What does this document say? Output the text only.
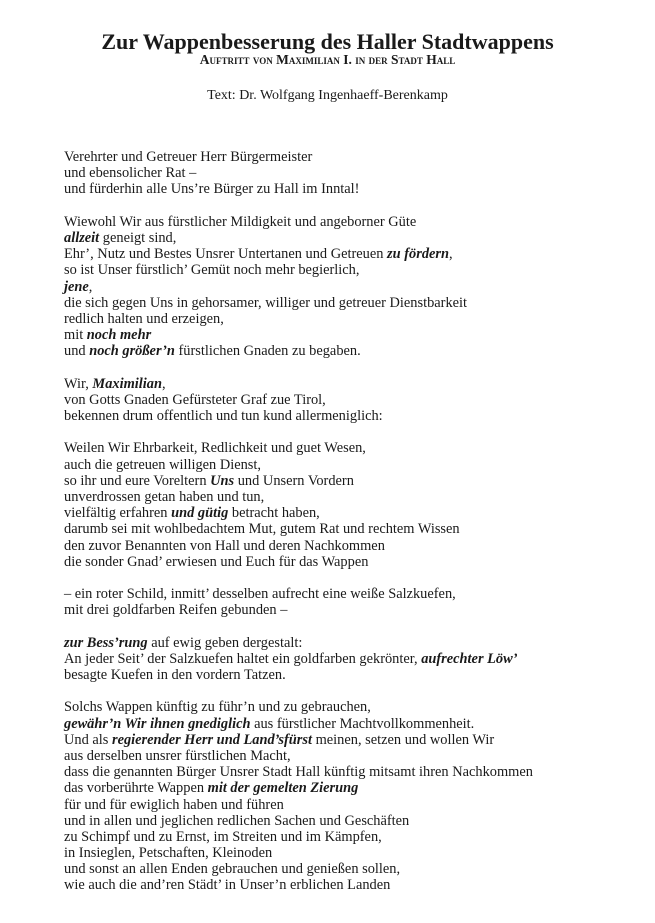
Zur Wappenbesserung des Haller Stadtwappens
Auftritt von Maximilian I. in der Stadt Hall
Text: Dr. Wolfgang Ingenhaeff-Berenkamp
Verehrter und Getreuer Herr Bürgermeister
und ebensolicher Rat –
und fürderhin alle Uns’re Bürger zu Hall im Inntal!
Wiewohl Wir aus fürstlicher Mildigkeit und angeborner Güte
allzeit geneigt sind,
Ehr’, Nutz und Bestes Unsrer Untertanen und Getreuen zu fördern,
so ist Unser fürstlich’ Gemüt noch mehr begierlich,
jene,
die sich gegen Uns in gehorsamer, williger und getreuer Dienstbarkeit
redlich halten und erzeigen,
mit noch mehr
und noch größer’n fürstlichen Gnaden zu begaben.
Wir, Maximilian,
von Gotts Gnaden Gefürsteter Graf zue Tirol,
bekennen drum offentlich und tun kund allermeniglich:
Weilen Wir Ehrbarkeit, Redlichkeit und guet Wesen,
auch die getreuen willigen Dienst,
so ihr und eure Voreltern Uns und Unsern Vordern
unverdrossen getan haben und tun,
vielfältig erfahren und gütig betracht haben,
darumb sei mit wohlbedachtem Mut, gutem Rat und rechtem Wissen
den zuvor Benannten von Hall und deren Nachkommen
die sonder Gnad’ erwiesen und Euch für das Wappen
– ein roter Schild, inmitt’ desselben aufrecht eine weiße Salzkuefen,
mit drei goldfarben Reifen gebunden –
zur Bess’rung auf ewig geben dergestalt:
An jeder Seit’ der Salzkuefen haltet ein goldfarben gekrönter, aufrechter Löw’
besagte Kuefen in den vordern Tatzen.
Solchs Wappen künftig zu führ’n und zu gebrauchen,
gewähr’n Wir ihnen gnediglich aus fürstlicher Machtvollkommenheit.
Und als regierender Herr und Land’sfürst meinen, setzen und wollen Wir
aus derselben unsrer fürstlichen Macht,
dass die genannten Bürger Unsrer Stadt Hall künftig mitsamt ihren Nachkommen
das vorberührte Wappen mit der gemelten Zierung
für und für ewiglich haben und führen
und in allen und jeglichen redlichen Sachen und Geschäften
zu Schimpf und zu Ernst, im Streiten und im Kämpfen,
in Insieglen, Petschaften, Kleinoden
und sonst an allen Enden gebrauchen und genießen sollen,
wie auch die and’ren Städt’ in Unser’n erblichen Landen
